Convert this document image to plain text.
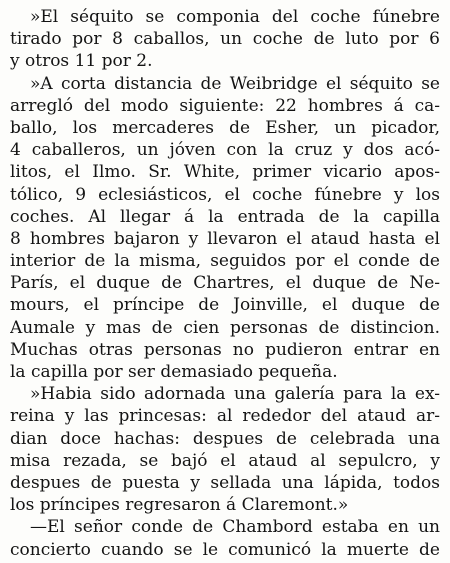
»El séquito se componia del coche fúnebre
tirado por 8 caballos, un coche de luto por 6
y otros 11 por 2.
»A corta distancia de Weibridge el séquito se
arregló del modo siguiente: 22 hombres á ca-
ballo, los mercaderes de Esher, un picador,
4 caballeros, un jóven con la cruz y dos acó-
litos, el Ilmo. Sr. White, primer vicario apos-
tólico, 9 eclesiásticos, el coche fúnebre y los
coches. Al llegar á la entrada de la capilla
8 hombres bajaron y llevaron el ataud hasta el
interior de la misma, seguidos por el conde de
París, el duque de Chartres, el duque de Ne-
mours, el príncipe de Joinville, el duque de
Aumale y mas de cien personas de distincion.
Muchas otras personas no pudieron entrar en
la capilla por ser demasiado pequeña.
»Habia sido adornada una galería para la ex-
reina y las princesas: al rededor del ataud ar-
dian doce hachas: despues de celebrada una
misa rezada, se bajó el ataud al sepulcro, y
despues de puesta y sellada una lápida, todos
los príncipes regresaron á Claremont.»
—El señor conde de Chambord estaba en un
concierto cuando se le comunicó la muerte de
